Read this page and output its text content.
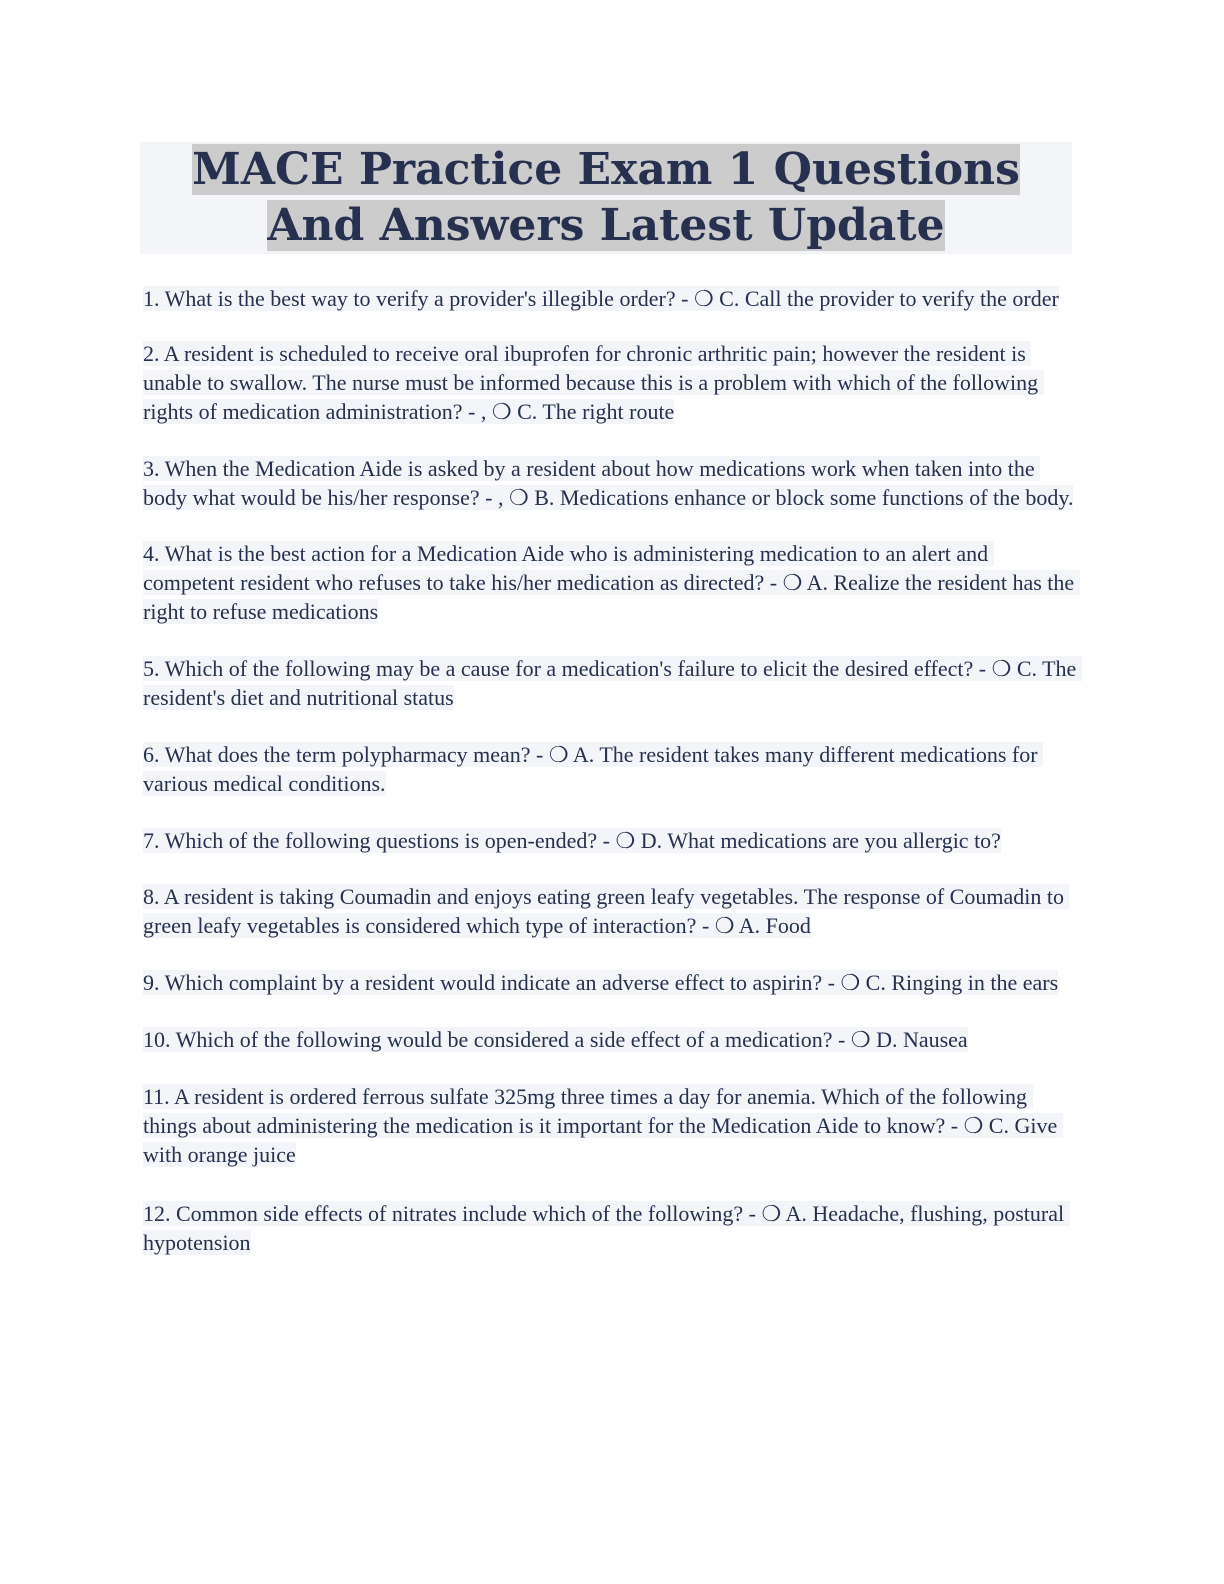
MACE Practice Exam 1 Questions And Answers Latest Update
1. What is the best way to verify a provider's illegible order? - ❍ C. Call the provider to verify the order
2. A resident is scheduled to receive oral ibuprofen for chronic arthritic pain; however the resident is unable to swallow. The nurse must be informed because this is a problem with which of the following rights of medication administration? - , ❍ C. The right route
3. When the Medication Aide is asked by a resident about how medications work when taken into the body what would be his/her response? - , ❍ B. Medications enhance or block some functions of the body.
4. What is the best action for a Medication Aide who is administering medication to an alert and competent resident who refuses to take his/her medication as directed? - ❍ A. Realize the resident has the right to refuse medications
5. Which of the following may be a cause for a medication's failure to elicit the desired effect? - ❍ C. The resident's diet and nutritional status
6. What does the term polypharmacy mean? - ❍ A. The resident takes many different medications for various medical conditions.
7. Which of the following questions is open-ended? - ❍ D. What medications are you allergic to?
8. A resident is taking Coumadin and enjoys eating green leafy vegetables. The response of Coumadin to green leafy vegetables is considered which type of interaction? - ❍ A. Food
9. Which complaint by a resident would indicate an adverse effect to aspirin? - ❍ C. Ringing in the ears
10. Which of the following would be considered a side effect of a medication? - ❍ D. Nausea
11. A resident is ordered ferrous sulfate 325mg three times a day for anemia. Which of the following things about administering the medication is it important for the Medication Aide to know? - ❍ C. Give with orange juice
12. Common side effects of nitrates include which of the following? - ❍ A. Headache, flushing, postural hypotension
